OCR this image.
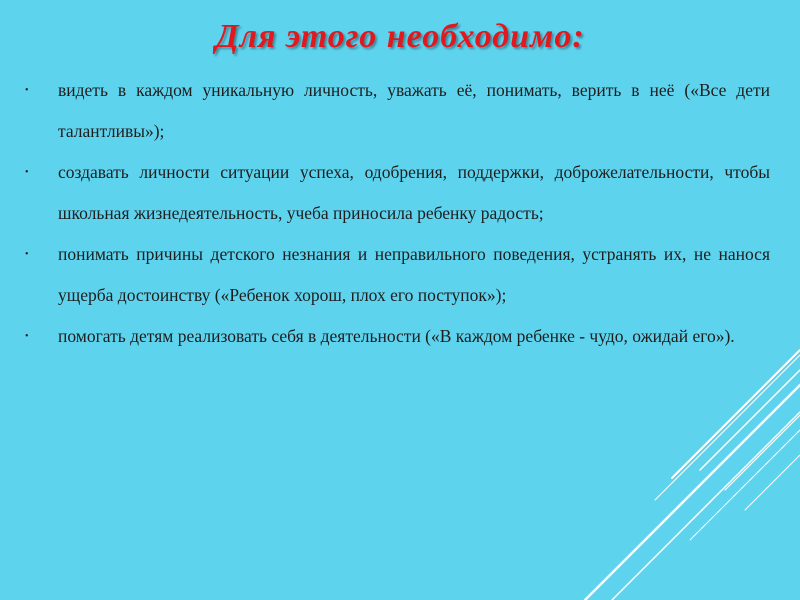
Для этого необходимо:
• видеть в каждом уникальную личность, уважать её, понимать, верить в неё («Все дети талантливы»);
• создавать личности ситуации успеха, одобрения, поддержки, доброжелательности, чтобы школьная жизнедеятельность, учеба приносила ребенку радость;
• понимать причины детского незнания и неправильного поведения, устранять их, не нанося ущерба достоинству («Ребенок хорош, плох его поступок»);
• помогать детям реализовать себя в деятельности («В каждом ребенке - чудо, ожидай его»).
